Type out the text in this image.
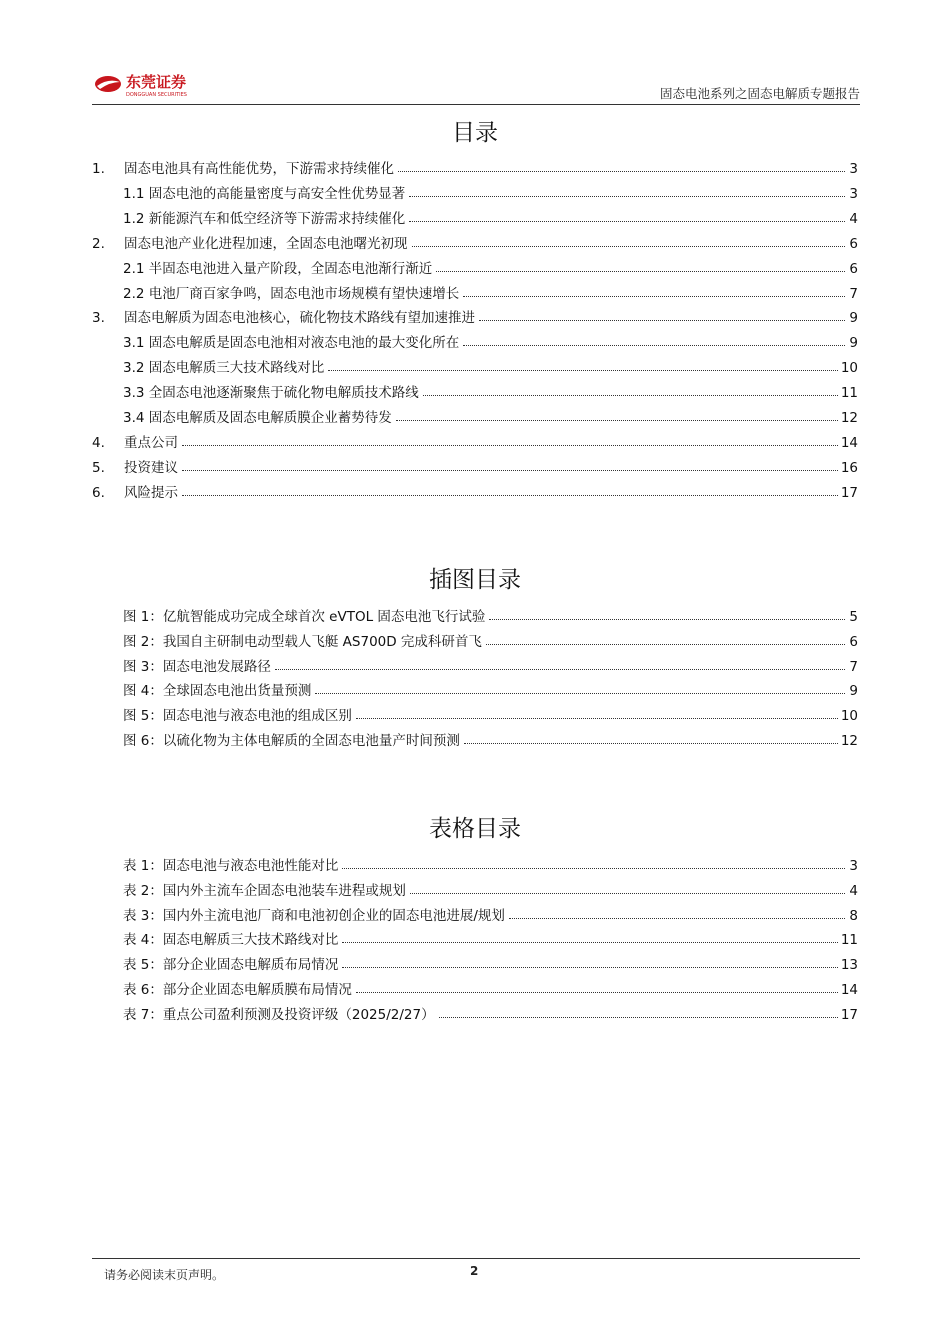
东莞证券
DONGGUAN SECURITIES	固态电池系列之固态电解质专题报告
目录
1.	固态电池具有高性能优势，下游需求持续催化	3
1.1 固态电池的高能量密度与高安全性优势显著	3
1.2 新能源汽车和低空经济等下游需求持续催化	4
2.	固态电池产业化进程加速，全固态电池曙光初现	6
2.1 半固态电池进入量产阶段，全固态电池渐行渐近	6
2.2 电池厂商百家争鸣，固态电池市场规模有望快速增长	7
3.	固态电解质为固态电池核心，硫化物技术路线有望加速推进	9
3.1 固态电解质是固态电池相对液态电池的最大变化所在	9
3.2 固态电解质三大技术路线对比	10
3.3 全固态电池逐渐聚焦于硫化物电解质技术路线	11
3.4 固态电解质及固态电解质膜企业蓄势待发	12
4.	重点公司	14
5.	投资建议	16
6.	风险提示	17
插图目录
图 1：亿航智能成功完成全球首次 eVTOL 固态电池飞行试验	5
图 2：我国自主研制电动型载人飞艇 AS700D 完成科研首飞	6
图 3：固态电池发展路径	7
图 4：全球固态电池出货量预测	9
图 5：固态电池与液态电池的组成区别	10
图 6：以硫化物为主体电解质的全固态电池量产时间预测	12
表格目录
表 1：固态电池与液态电池性能对比	3
表 2：国内外主流车企固态电池装车进程或规划	4
表 3：国内外主流电池厂商和电池初创企业的固态电池进展/规划	8
表 4：固态电解质三大技术路线对比	11
表 5：部分企业固态电解质布局情况	13
表 6：部分企业固态电解质膜布局情况	14
表 7：重点公司盈利预测及投资评级（2025/2/27）	17
请务必阅读末页声明。	2
